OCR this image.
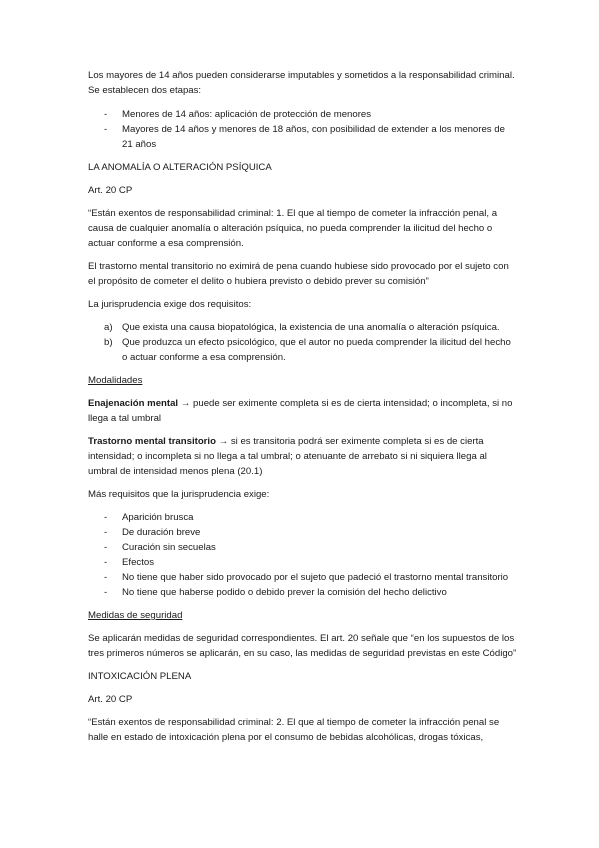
Los mayores de 14 años pueden considerarse imputables y sometidos a la responsabilidad criminal. Se establecen dos etapas:

- Menores de 14 años: aplicación de protección de menores
- Mayores de 14 años y menores de 18 años, con posibilidad de extender a los menores de 21 años

LA ANOMALÍA O ALTERACIÓN PSÍQUICA

Art. 20 CP

“Están exentos de responsabilidad criminal: 1. El que al tiempo de cometer la infracción penal, a causa de cualquier anomalía o alteración psíquica, no pueda comprender la ilicitud del hecho o actuar conforme a esa comprensión.

El trastorno mental transitorio no eximirá de pena cuando hubiese sido provocado por el sujeto con el propósito de cometer el delito o hubiera previsto o debido prever su comisión”

La jurisprudencia exige dos requisitos:

a) Que exista una causa biopatológica, la existencia de una anomalía o alteración psíquica.
b) Que produzca un efecto psicológico, que el autor no pueda comprender la ilicitud del hecho o actuar conforme a esa comprensión.

Modalidades

Enajenación mental → puede ser eximente completa si es de cierta intensidad; o incompleta, si no llega a tal umbral

Trastorno mental transitorio → si es transitoria podrá ser eximente completa si es de cierta intensidad; o incompleta si no llega a tal umbral; o atenuante de arrebato si ni siquiera llega al umbral de intensidad menos plena (20.1)

Más requisitos que la jurisprudencia exige:

- Aparición brusca
- De duración breve
- Curación sin secuelas
- Efectos
- No tiene que haber sido provocado por el sujeto que padeció el trastorno mental transitorio
- No tiene que haberse podido o debido prever la comisión del hecho delictivo

Medidas de seguridad

Se aplicarán medidas de seguridad correspondientes. El art. 20 señale que “en los supuestos de los tres primeros números se aplicarán, en su caso, las medidas de seguridad previstas en este Código”

INTOXICACIÓN PLENA

Art. 20 CP

“Están exentos de responsabilidad criminal: 2. El que al tiempo de cometer la infracción penal se halle en estado de intoxicación plena por el consumo de bebidas alcohólicas, drogas tóxicas,
